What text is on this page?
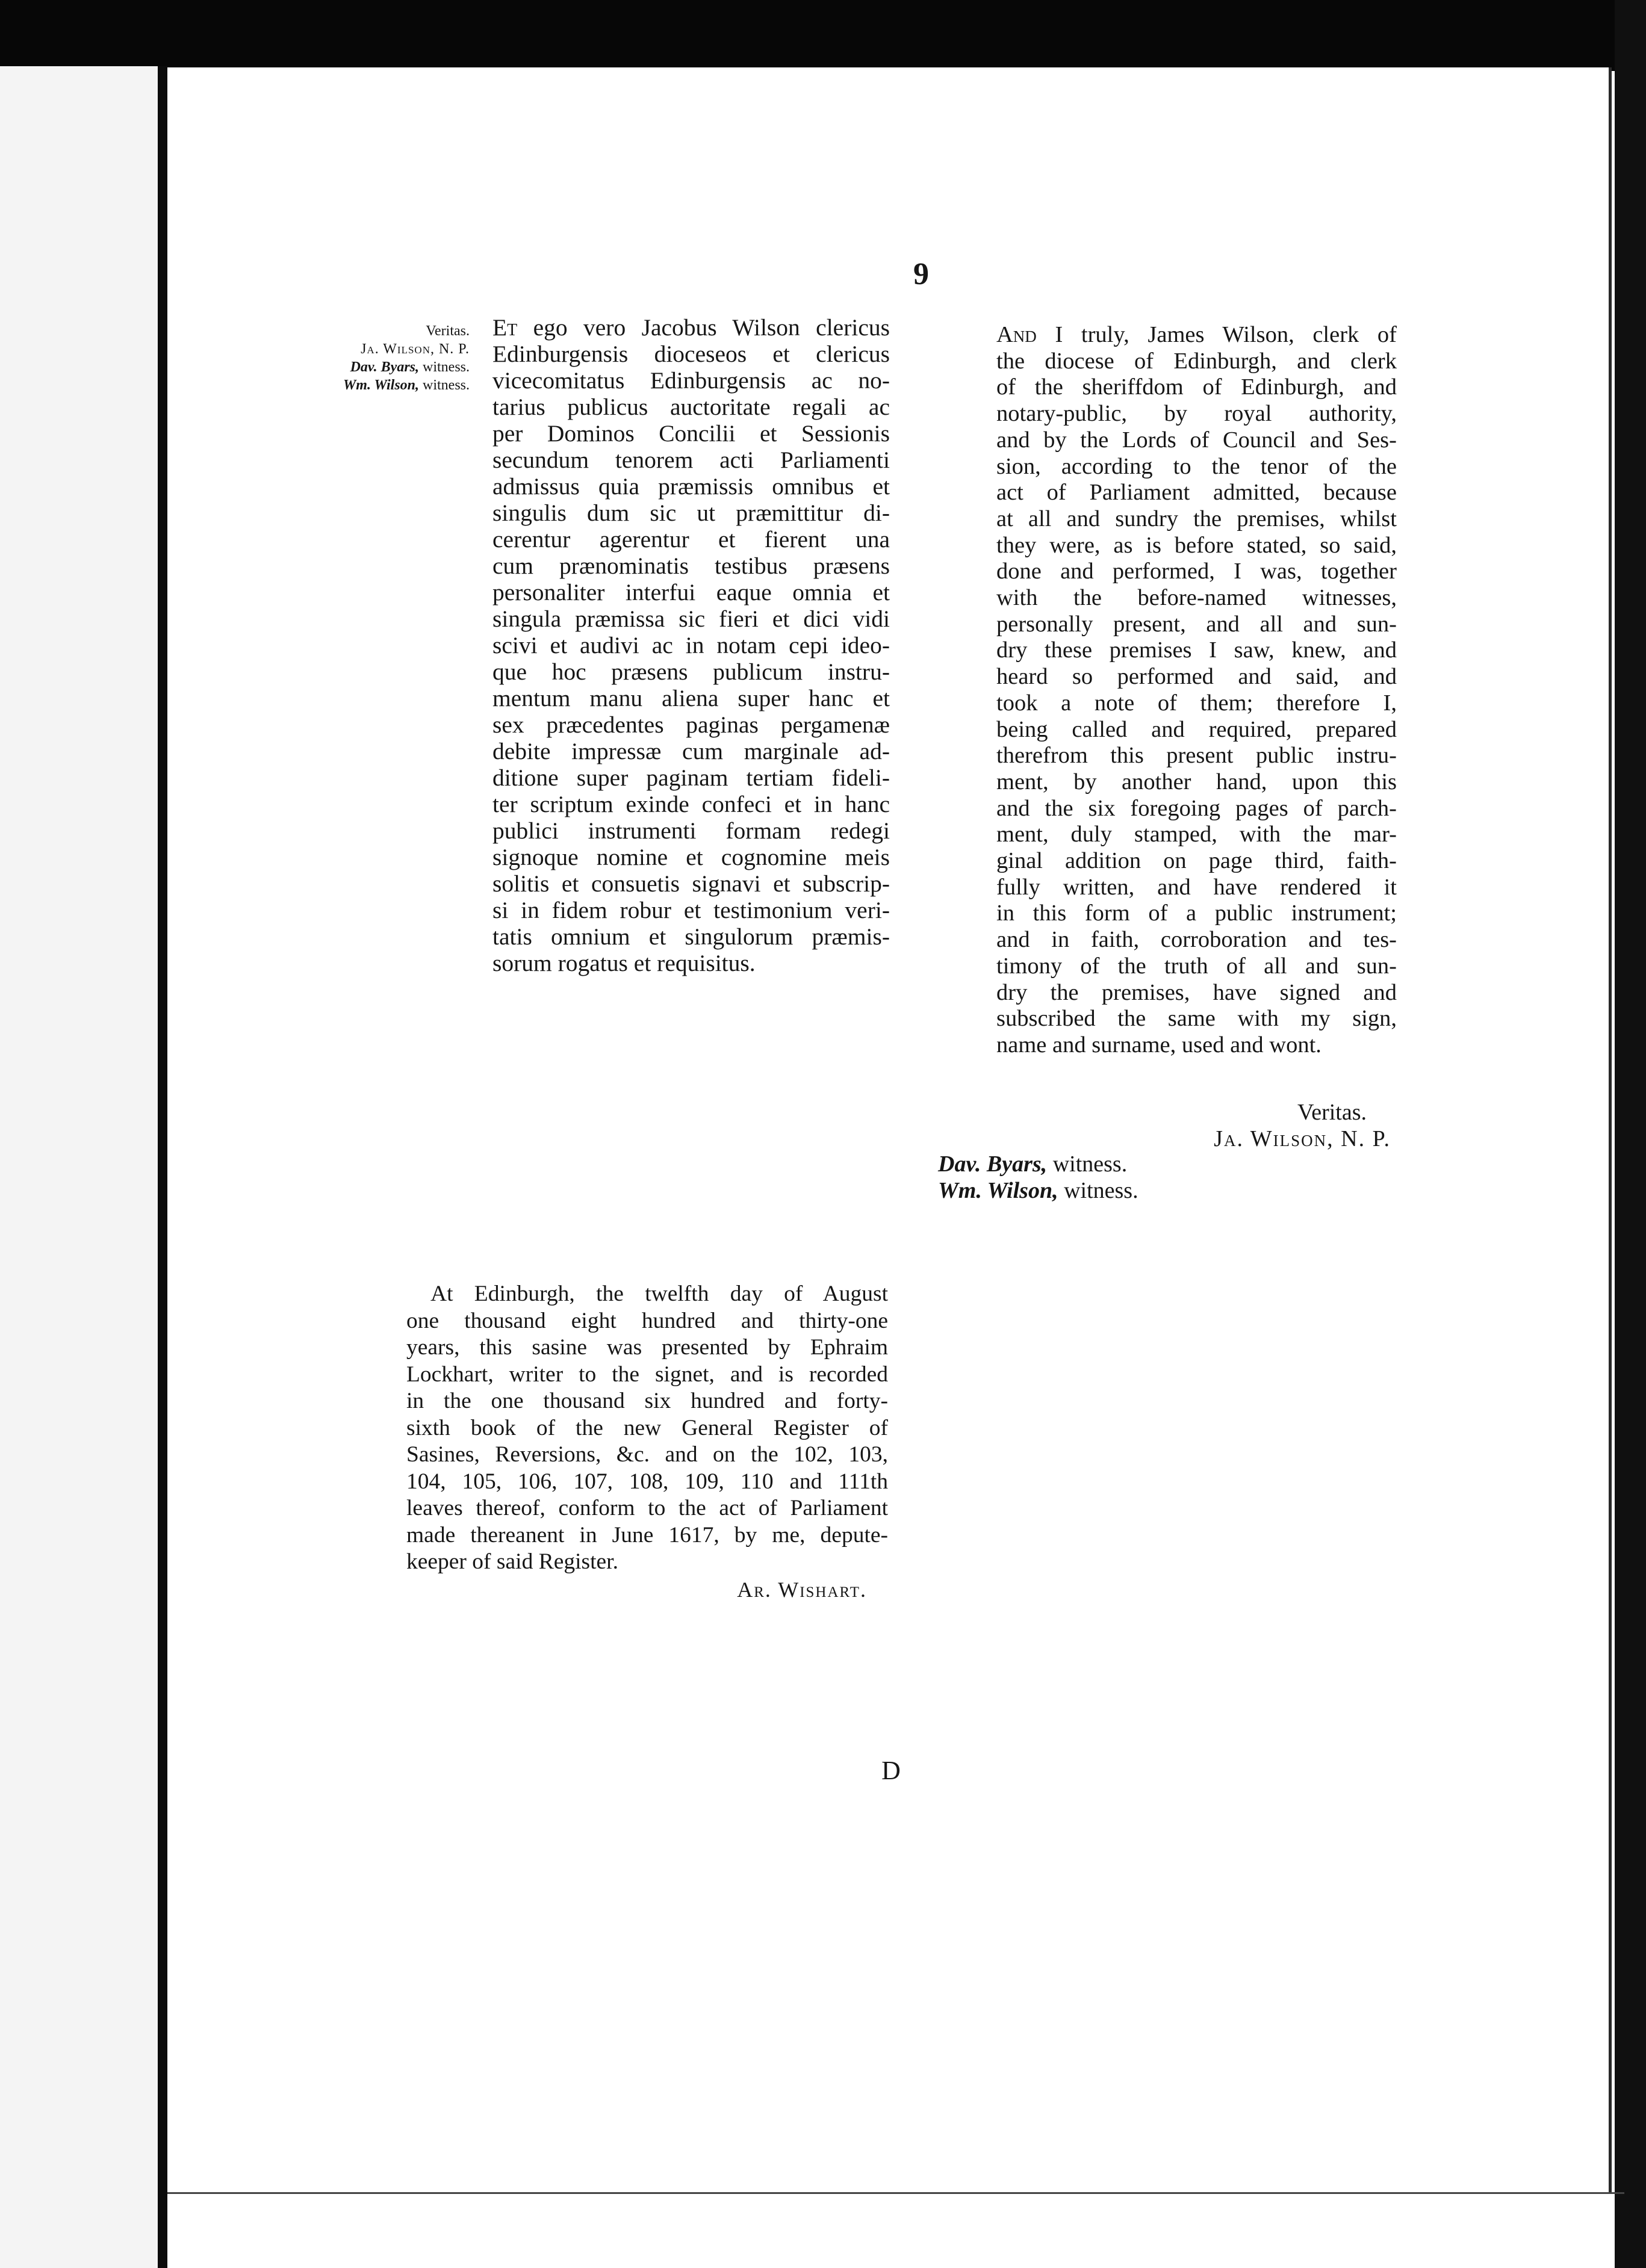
9
Veritas.
Ja. Wilson, N. P.
Dav. Byars, witness.
Wm. Wilson, witness.
Et ego vero Jacobus Wilson clericus
Edinburgensis dioceseos et clericus
vicecomitatus Edinburgensis ac no-
tarius publicus auctoritate regali ac
per Dominos Concilii et Sessionis
secundum tenorem acti Parliamenti
admissus quia præmissis omnibus et
singulis dum sic ut præmittitur di-
cerentur agerentur et fierent una
cum prænominatis testibus præsens
personaliter interfui eaque omnia et
singula præmissa sic fieri et dici vidi
scivi et audivi ac in notam cepi ideo-
que hoc præsens publicum instru-
mentum manu aliena super hanc et
sex præcedentes paginas pergamenæ
debite impressæ cum marginale ad-
ditione super paginam tertiam fideli-
ter scriptum exinde confeci et in hanc
publici instrumenti formam redegi
signoque nomine et cognomine meis
solitis et consuetis signavi et subscrip-
si in fidem robur et testimonium veri-
tatis omnium et singulorum præmis-
sorum rogatus et requisitus.
And I truly, James Wilson, clerk of
the diocese of Edinburgh, and clerk
of the sheriffdom of Edinburgh, and
notary-public, by royal authority,
and by the Lords of Council and Ses-
sion, according to the tenor of the
act of Parliament admitted, because
at all and sundry the premises, whilst
they were, as is before stated, so said,
done and performed, I was, together
with the before-named witnesses,
personally present, and all and sun-
dry these premises I saw, knew, and
heard so performed and said, and
took a note of them; therefore I,
being called and required, prepared
therefrom this present public instru-
ment, by another hand, upon this
and the six foregoing pages of parch-
ment, duly stamped, with the mar-
ginal addition on page third, faith-
fully written, and have rendered it
in this form of a public instrument;
and in faith, corroboration and tes-
timony of the truth of all and sun-
dry the premises, have signed and
subscribed the same with my sign,
name and surname, used and wont.
Veritas.
Ja. Wilson, N. P.
Dav. Byars, witness.
Wm. Wilson, witness.
At Edinburgh, the twelfth day of August
one thousand eight hundred and thirty-one
years, this sasine was presented by Ephraim
Lockhart, writer to the signet, and is recorded
in the one thousand six hundred and forty-
sixth book of the new General Register of
Sasines, Reversions, &c. and on the 102, 103,
104, 105, 106, 107, 108, 109, 110 and 111th
leaves thereof, conform to the act of Parliament
made thereanent in June 1617, by me, depute-
keeper of said Register.
Ar. Wishart.
D
